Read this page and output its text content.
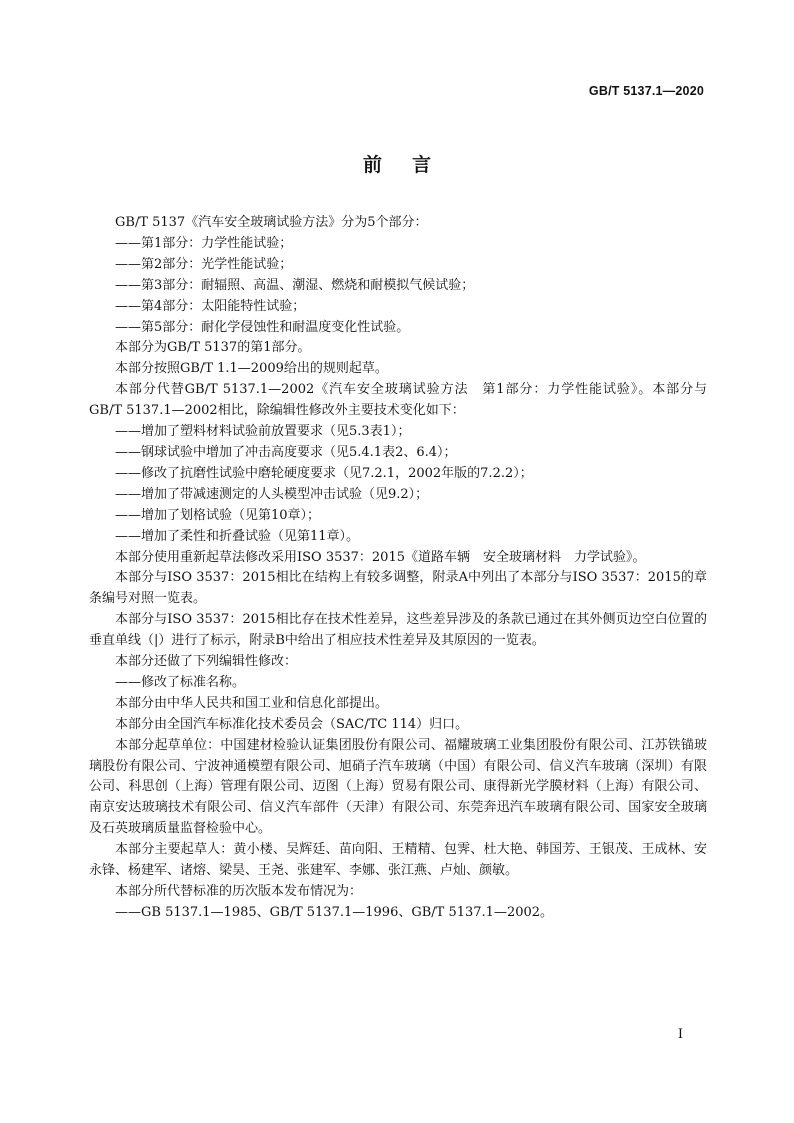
GB/T 5137.1—2020
前言

GB/T 5137《汽车安全玻璃试验方法》分为5个部分：

——第1部分：力学性能试验；

——第2部分：光学性能试验；

——第3部分：耐辐照、高温、潮湿、燃烧和耐模拟气候试验；

——第4部分：太阳能特性试验；

——第5部分：耐化学侵蚀性和耐温度变化性试验。

本部分为GB/T 5137的第1部分。

本部分按照GB/T 1.1—2009给出的规则起草。

本部分代替GB/T 5137.1—2002《汽车安全玻璃试验方法　第1部分：力学性能试验》。本部分与GB/T 5137.1—2002相比，除编辑性修改外主要技术变化如下：

——增加了塑料材料试验前放置要求（见5.3表1）；

——钢球试验中增加了冲击高度要求（见5.4.1表2、6.4）；

——修改了抗磨性试验中磨轮硬度要求（见7.2.1，2002年版的7.2.2）；

——增加了带减速测定的人头模型冲击试验（见9.2）；

——增加了划格试验（见第10章）；

——增加了柔性和折叠试验（见第11章）。

本部分使用重新起草法修改采用ISO 3537：2015《道路车辆　安全玻璃材料　力学试验》。

本部分与ISO 3537：2015相比在结构上有较多调整，附录A中列出了本部分与ISO 3537：2015的章条编号对照一览表。

本部分与ISO 3537：2015相比存在技术性差异，这些差异涉及的条款已通过在其外侧页边空白位置的垂直单线（|）进行了标示，附录B中给出了相应技术性差异及其原因的一览表。

本部分还做了下列编辑性修改：

——修改了标准名称。

本部分由中华人民共和国工业和信息化部提出。

本部分由全国汽车标准化技术委员会（SAC/TC 114）归口。

本部分起草单位：中国建材检验认证集团股份有限公司、福耀玻璃工业集团股份有限公司、江苏铁锚玻璃股份有限公司、宁波神通模塑有限公司、旭硝子汽车玻璃（中国）有限公司、信义汽车玻璃（深圳）有限公司、科思创（上海）管理有限公司、迈图（上海）贸易有限公司、康得新光学膜材料（上海）有限公司、南京安达玻璃技术有限公司、信义汽车部件（天津）有限公司、东莞奔迅汽车玻璃有限公司、国家安全玻璃及石英玻璃质量监督检验中心。

本部分主要起草人：黄小楼、吴辉廷、苗向阳、王精精、包霁、杜大艳、韩国芳、王银茂、王成林、安永锋、杨建军、诸熔、梁昊、王尧、张建军、李娜、张江燕、卢灿、颜敏。

本部分所代替标准的历次版本发布情况为：

——GB 5137.1—1985、GB/T 5137.1—1996、GB/T 5137.1—2002。

I
